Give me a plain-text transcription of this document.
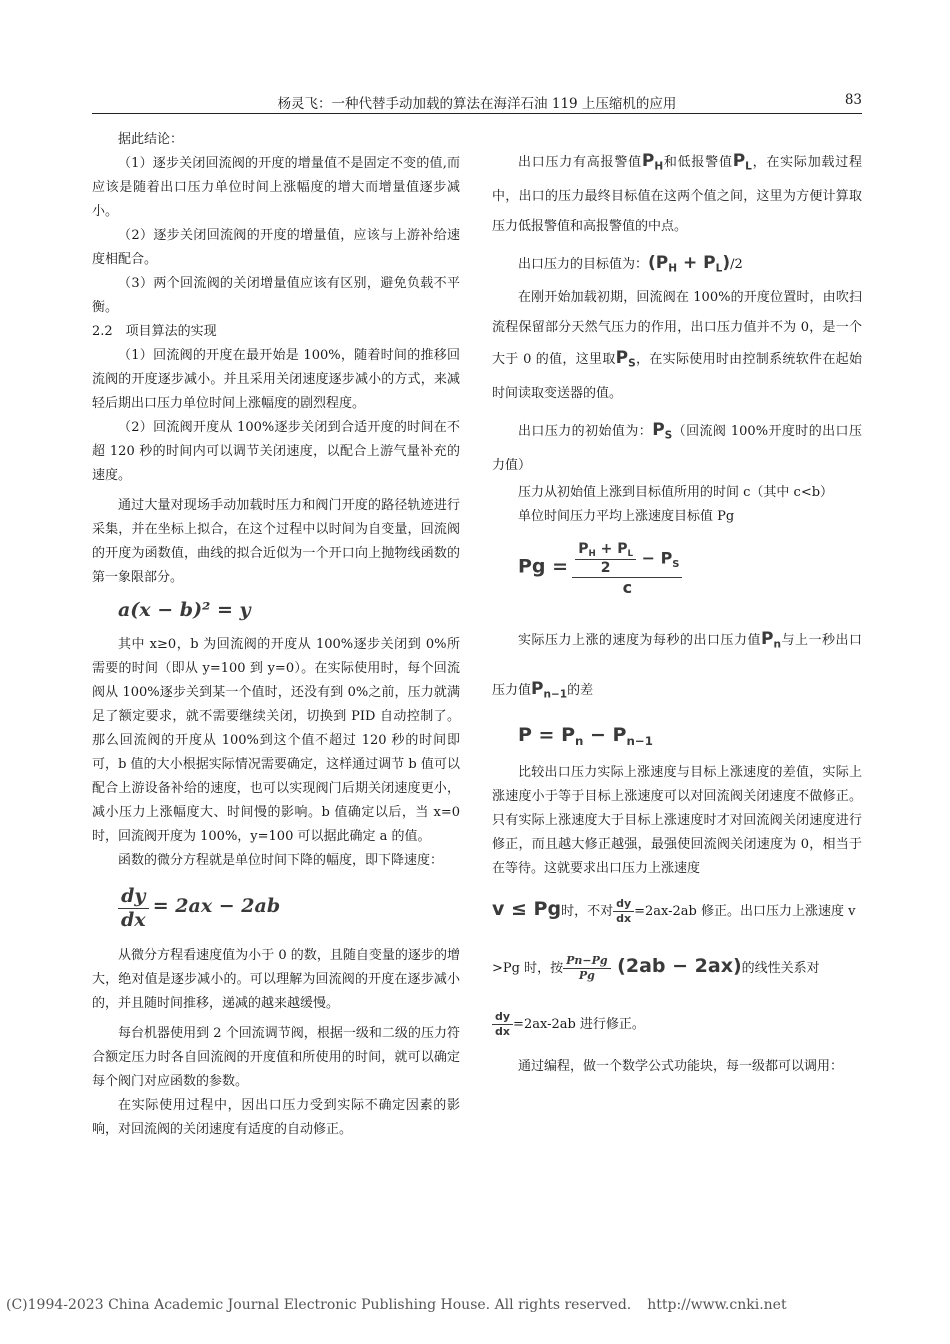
杨灵飞：一种代替手动加载的算法在海洋石油 119 上压缩机的应用	83

据此结论：

（1）逐步关闭回流阀的开度的增量值不是固定不变的值,而应该是随着出口压力单位时间上涨幅度的增大而增量值逐步减小。

（2）逐步关闭回流阀的开度的增量值，应该与上游补给速度相配合。

（3）两个回流阀的关闭增量值应该有区别，避免负载不平衡。

2.2　项目算法的实现

（1）回流阀的开度在最开始是 100%，随着时间的推移回流阀的开度逐步减小。并且采用关闭速度逐步减小的方式，来减轻后期出口压力单位时间上涨幅度的剧烈程度。

（2）回流阀开度从 100%逐步关闭到合适开度的时间在不超 120 秒的时间内可以调节关闭速度，以配合上游气量补充的速度。

通过大量对现场手动加载时压力和阀门开度的路径轨迹进行采集，并在坐标上拟合，在这个过程中以时间为自变量，回流阀的开度为函数值，曲线的拟合近似为一个开口向上抛物线函数的第一象限部分。

a(x − b)² = y

其中 x≥0，b 为回流阀的开度从 100%逐步关闭到 0%所需要的时间（即从 y=100 到 y=0）。在实际使用时，每个回流阀从 100%逐步关到某一个值时，还没有到 0%之前，压力就满足了额定要求，就不需要继续关闭，切换到 PID 自动控制了。那么回流阀的开度从 100%到这个值不超过 120 秒的时间即可，b 值的大小根据实际情况需要确定，这样通过调节 b 值可以配合上游设备补给的速度，也可以实现阀门后期关闭速度更小，减小压力上涨幅度大、时间慢的影响。b 值确定以后，当 x=0 时，回流阀开度为 100%，y=100 可以据此确定 a 的值。

函数的微分方程就是单位时间下降的幅度，即下降速度：

$\frac{dy}{dx} = 2ax - 2ab$

从微分方程看速度值为小于 0 的数，且随自变量的逐步的增大，绝对值是逐步减小的。可以理解为回流阀的开度在逐步减小的，并且随时间推移，递减的越来越缓慢。

每台机器使用到 2 个回流调节阀，根据一级和二级的压力符合额定压力时各自回流阀的开度值和所使用的时间，就可以确定每个阀门对应函数的参数。

在实际使用过程中，因出口压力受到实际不确定因素的影响，对回流阀的关闭速度有适度的自动修正。

出口压力有高报警值$P_H$和低报警值$P_L$，在实际加载过程中，出口的压力最终目标值在这两个值之间，这里为方便计算取压力低报警值和高报警值的中点。

出口压力的目标值为：$(P_H + P_L)/2$

在刚开始加载初期，回流阀在 100%的开度位置时，由吹扫流程保留部分天然气压力的作用，出口压力值并不为 0，是一个大于 0 的值，这里取$P_S$，在实际使用时由控制系统软件在起始时间读取变送器的值。

出口压力的初始值为：$P_S$（回流阀 100%开度时的出口压力值）

压力从初始值上涨到目标值所用的时间 c（其中 c<b）

单位时间压力平均上涨速度目标值 Pg

$Pg = \frac{\frac{P_H + P_L}{2} - P_S}{c}$

实际压力上涨的速度为每秒的出口压力值$P_n$与上一秒出口压力值$P_{n-1}$的差

$P = P_n - P_{n-1}$

比较出口压力实际上涨速度与目标上涨速度的差值，实际上涨速度小于等于目标上涨速度可以对回流阀关闭速度不做修正。只有实际上涨速度大于目标上涨速度时才对回流阀关闭速度进行修正，而且越大修正越强，最强使回流阀关闭速度为 0，相当于在等待。这就要求出口压力上涨速度

v ≤ Pg时，不对 $\frac{dy}{dx} =2ax-2ab$ 修正。出口压力上涨速度 v

>Pg 时，按 $\frac{Pn-Pg}{Pg} (2ab - 2ax)$的线性关系对

$\frac{dy}{dx} =2ax-2ab$ 进行修正。

通过编程，做一个数学公式功能块，每一级都可以调用：

(C)1994-2023 China Academic Journal Electronic Publishing House. All rights reserved. http://www.cnki.net
